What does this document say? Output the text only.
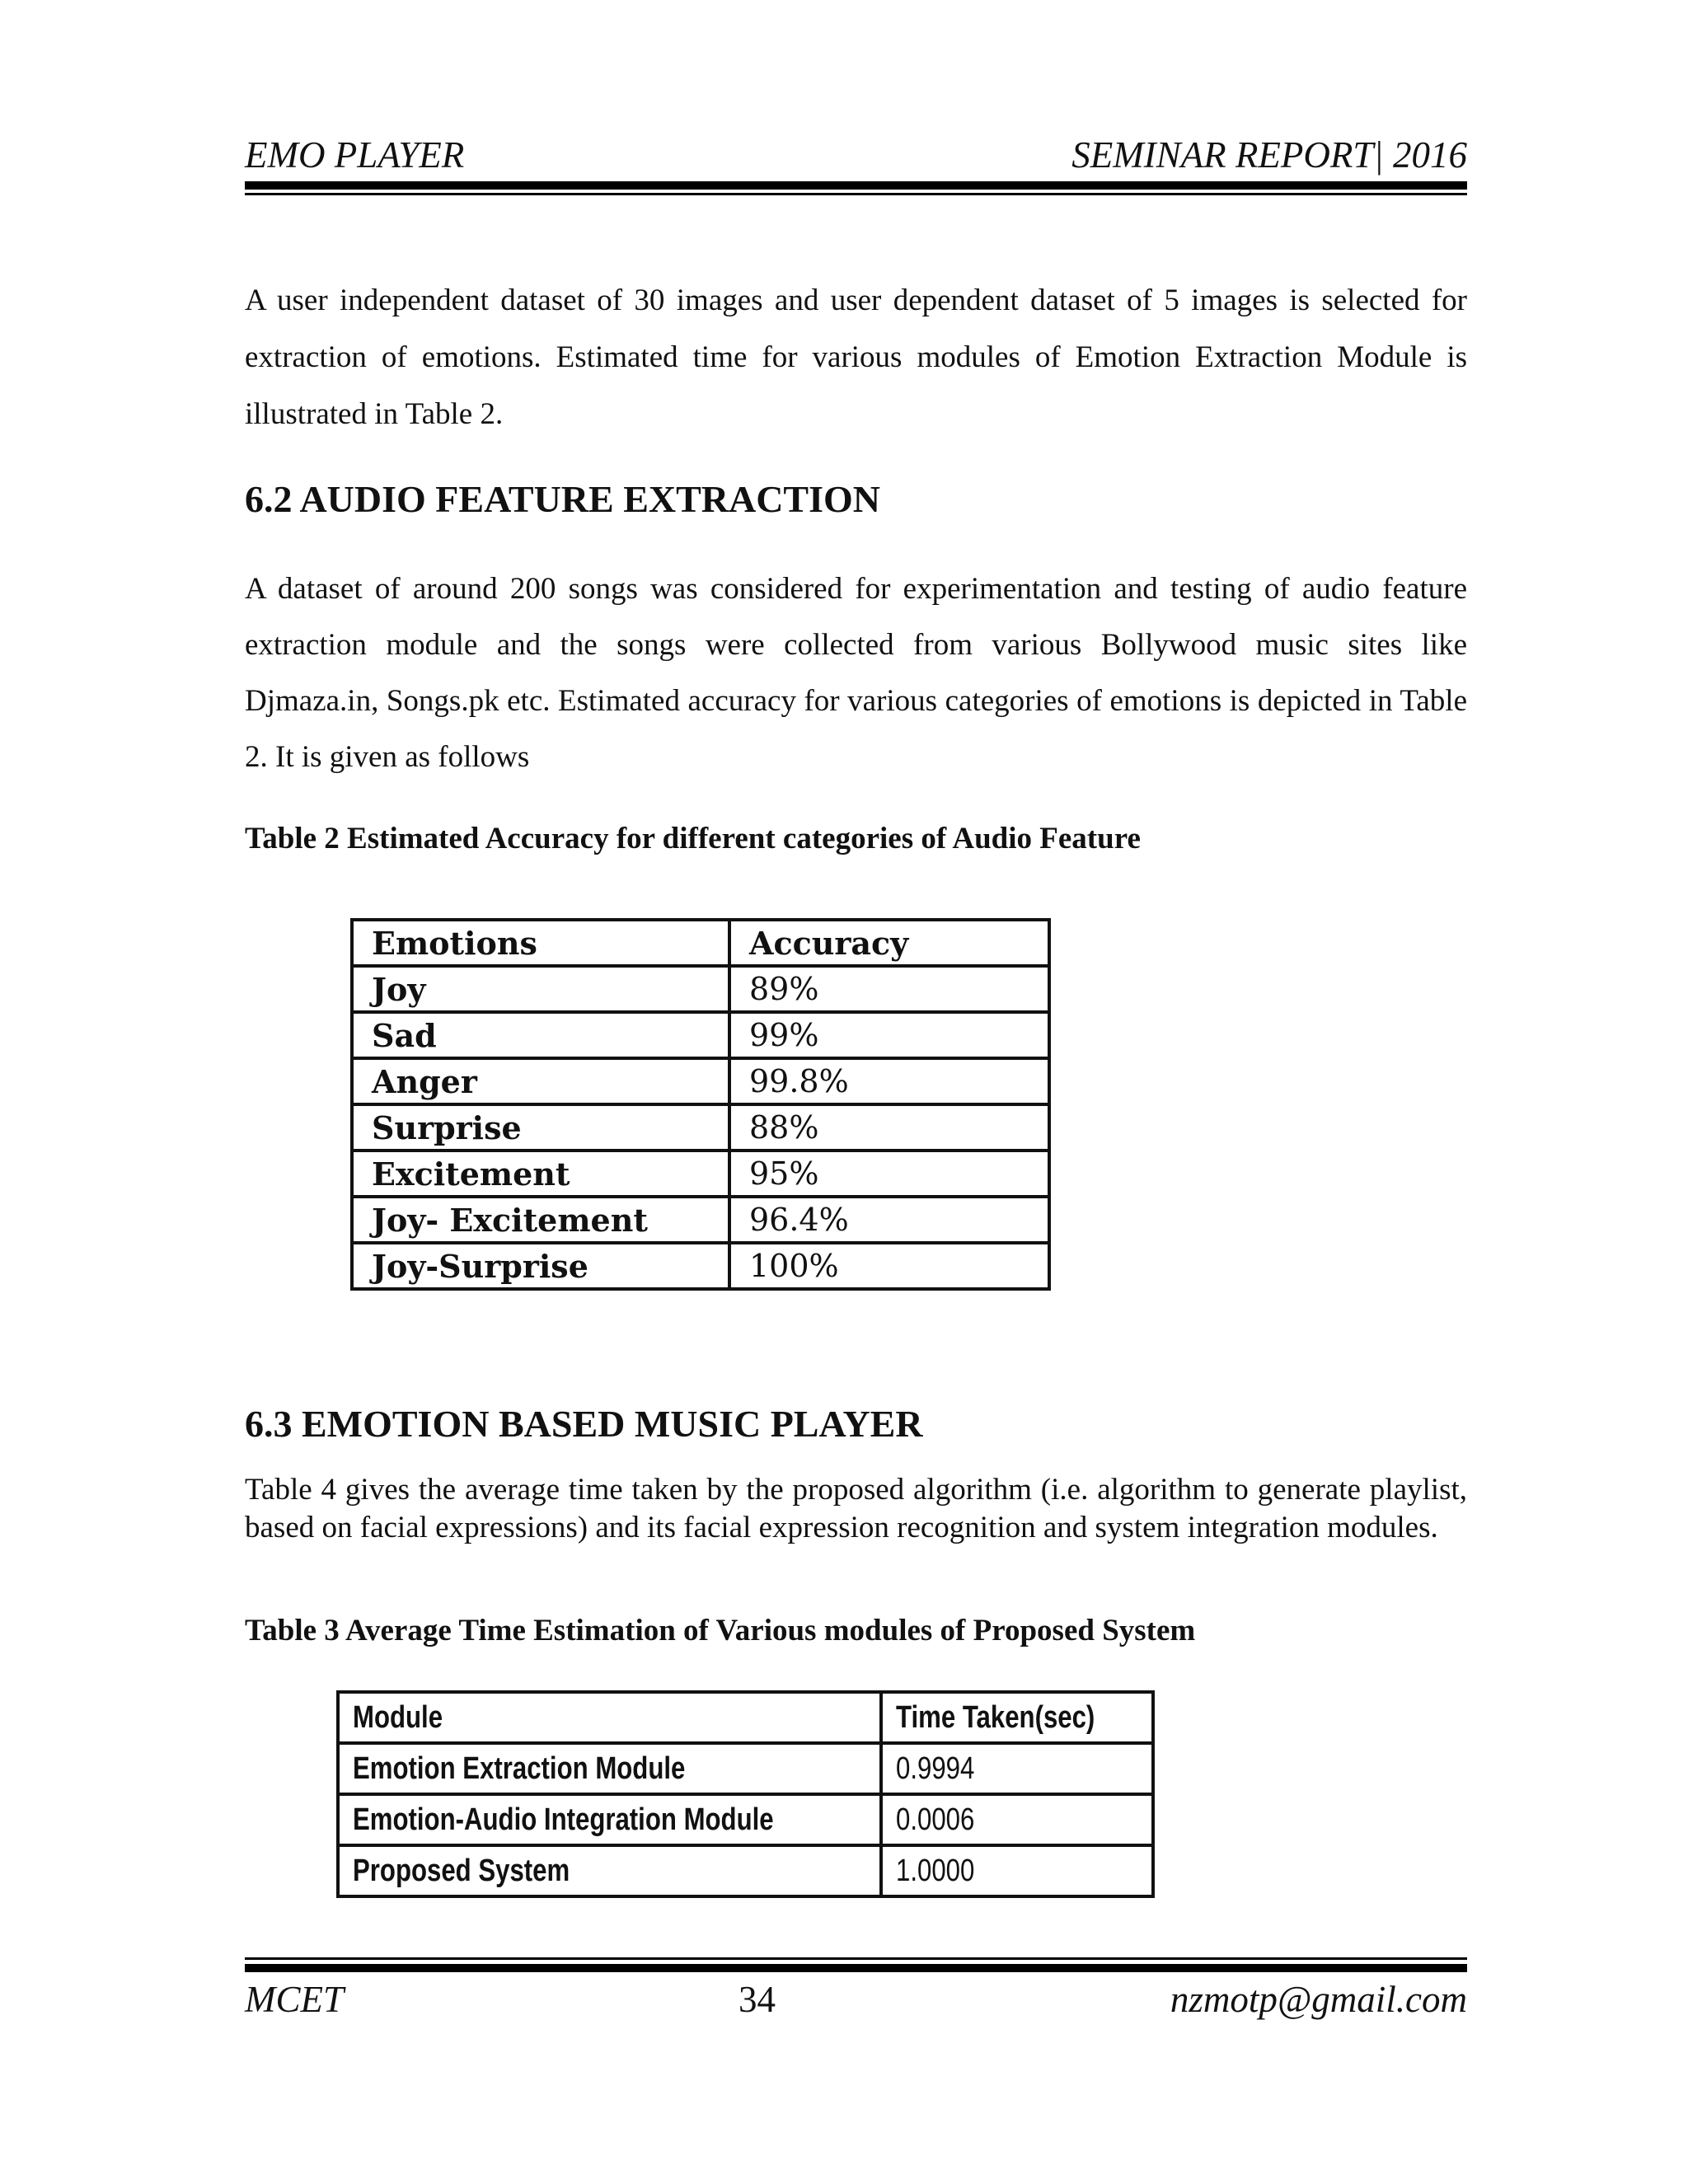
EMO PLAYER	SEMINAR REPORT| 2016

A user independent dataset of 30 images and user dependent dataset of 5 images is selected for extraction of emotions. Estimated time for various modules of Emotion Extraction Module is illustrated in Table 2.

6.2 AUDIO FEATURE EXTRACTION

A dataset of around 200 songs was considered for experimentation and testing of audio feature extraction module and the songs were collected from various Bollywood music sites like Djmaza.in, Songs.pk etc. Estimated accuracy for various categories of emotions is depicted in Table 2. It is given as follows

Table 2 Estimated Accuracy for different categories of Audio Feature

Emotions	Accuracy
Joy	89%
Sad	99%
Anger	99.8%
Surprise	88%
Excitement	95%
Joy- Excitement	96.4%
Joy-Surprise	100%
6.3 EMOTION BASED MUSIC PLAYER

Table 4 gives the average time taken by the proposed algorithm (i.e. algorithm to generate playlist, based on facial expressions) and its facial expression recognition and system integration modules.

Table 3 Average Time Estimation of Various modules of Proposed System

Module	Time Taken(sec)
Emotion Extraction Module	0.9994
Emotion-Audio Integration Module	0.0006
Proposed System	1.0000
MCET	34	nzmotp@gmail.com
